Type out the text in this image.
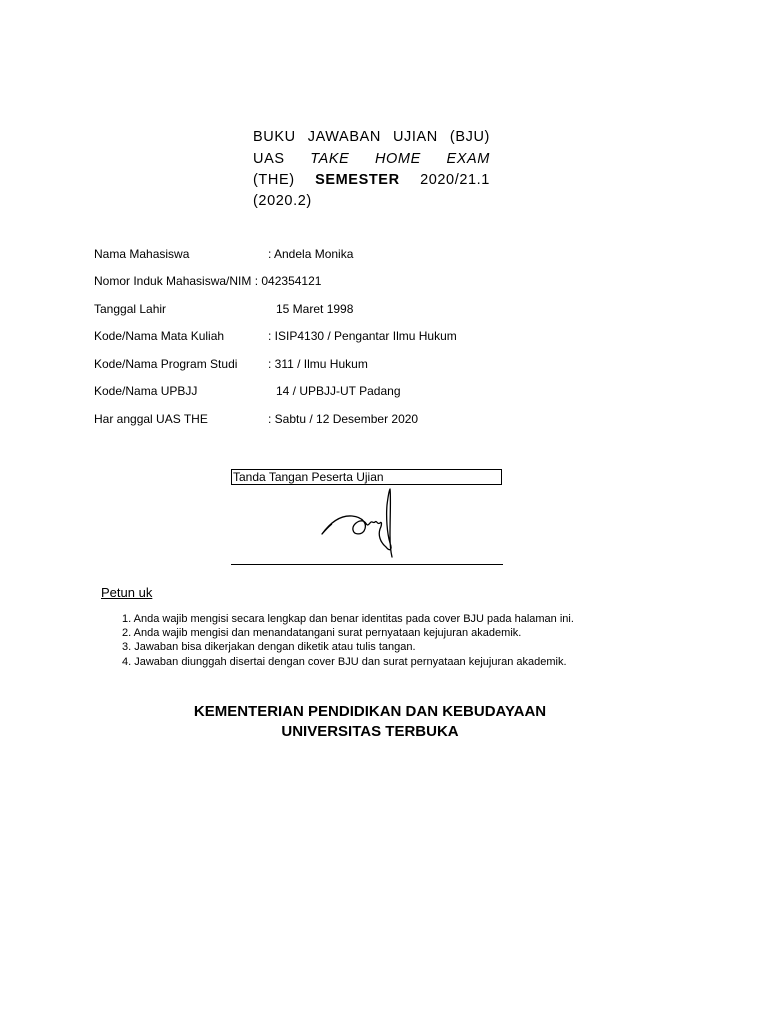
BUKU JAWABAN UJIAN (BJU)
UAS TAKE HOME EXAM
(THE) SEMESTER 2020/21.1
(2020.2)
Nama Mahasiswa	: Andela Monika
Nomor Induk Mahasiswa/NIM : 042354121
Tanggal Lahir	15 Maret 1998
Kode/Nama Mata Kuliah	: ISIP4130 / Pengantar Ilmu Hukum
Kode/Nama Program Studi	: 311 / Ilmu Hukum
Kode/Nama UPBJJ	14 / UPBJJ-UT Padang
Har anggal UAS THE	: Sabtu / 12 Desember 2020
Tanda Tangan Peserta Ujian
Petun uk
1. Anda wajib mengisi secara lengkap dan benar identitas pada cover BJU pada halaman ini.
2. Anda wajib mengisi dan menandatangani surat pernyataan kejujuran akademik.
3. Jawaban bisa dikerjakan dengan diketik atau tulis tangan.
4. Jawaban diunggah disertai dengan cover BJU dan surat pernyataan kejujuran akademik.
KEMENTERIAN PENDIDIKAN DAN KEBUDAYAAN
UNIVERSITAS TERBUKA
